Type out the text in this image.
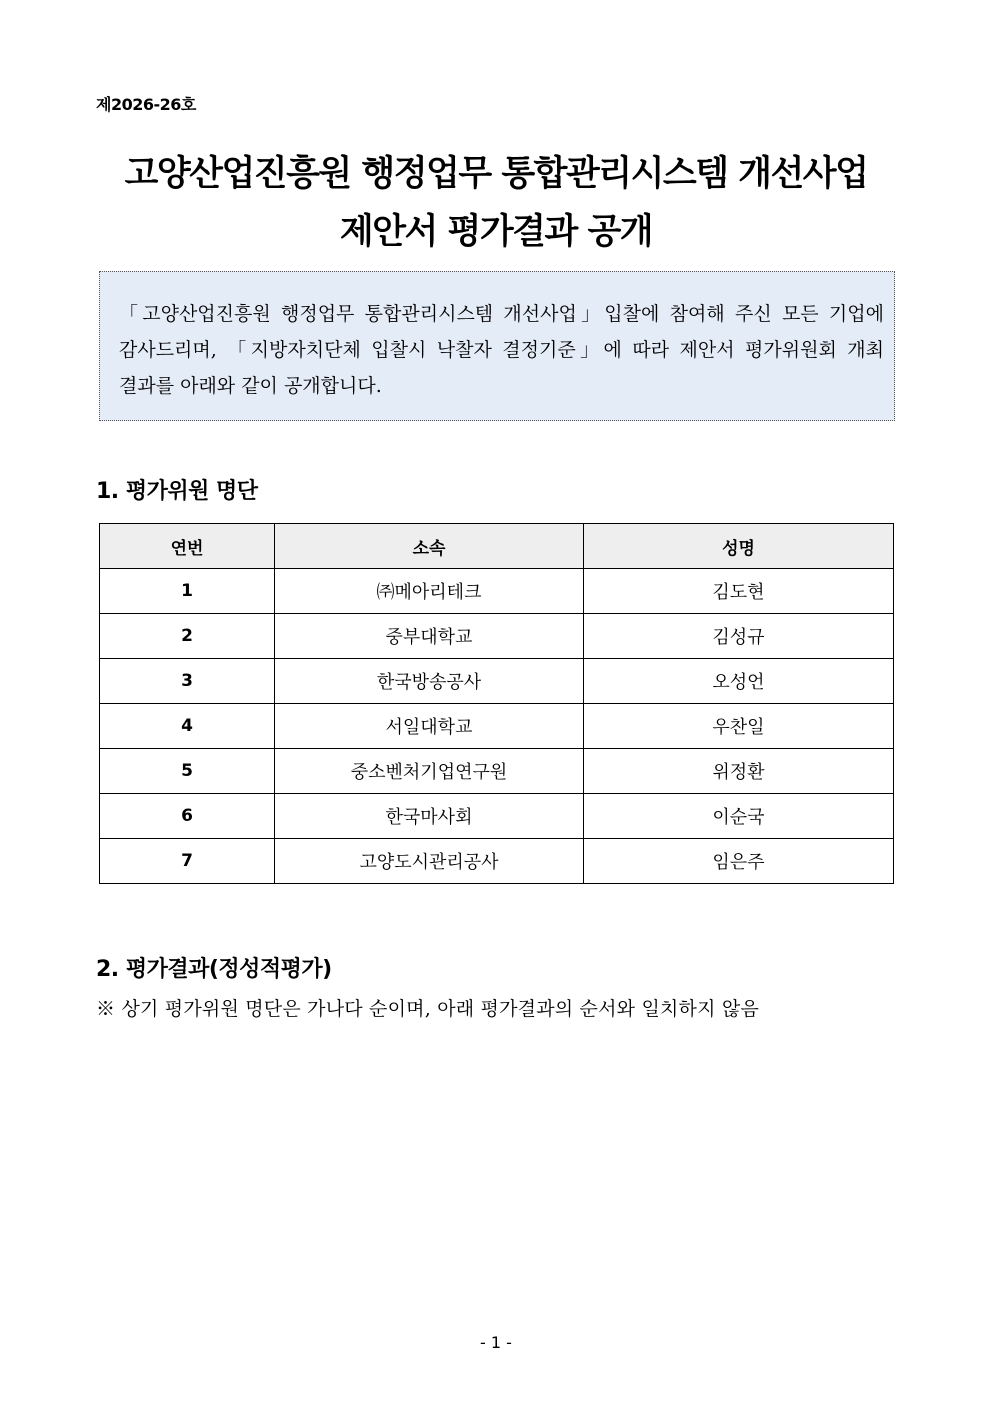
제2026-26호
고양산업진흥원 행정업무 통합관리시스템 개선사업
제안서 평가결과 공개
「고양산업진흥원 행정업무 통합관리시스템 개선사업」입찰에 참여해 주신 모든 기업에 감사드리며, 「지방자치단체 입찰시 낙찰자 결정기준」에 따라 제안서 평가위원회 개최 결과를 아래와 같이 공개합니다.
1. 평가위원 명단
연번	소속	성명
1	㈜메아리테크	김도현
2	중부대학교	김성규
3	한국방송공사	오성언
4	서일대학교	우찬일
5	중소벤처기업연구원	위정환
6	한국마사회	이순국
7	고양도시관리공사	임은주
2. 평가결과(정성적평가)
※ 상기 평가위원 명단은 가나다 순이며, 아래 평가결과의 순서와 일치하지 않음
- 1 -
